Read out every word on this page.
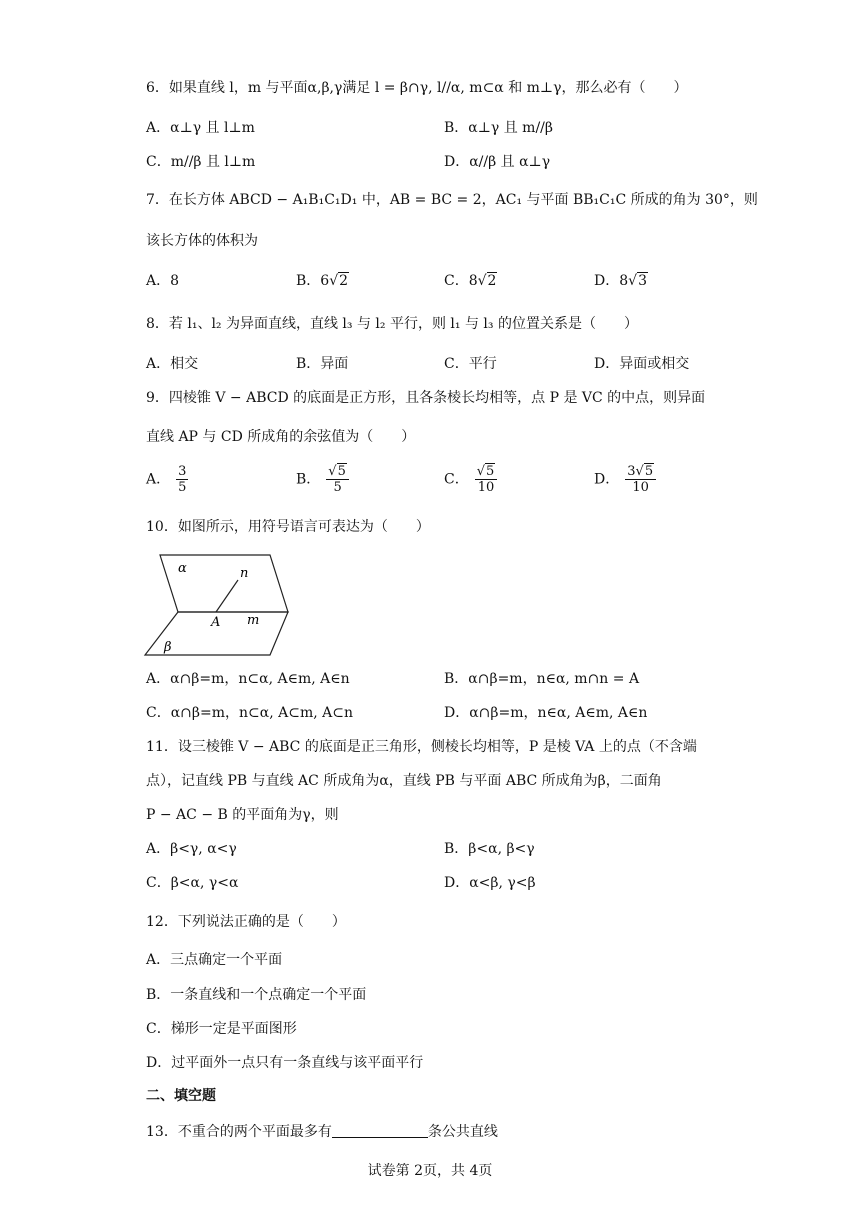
6．如果直线 l，m 与平面α,β,γ满足 l = β∩γ, l//α, m⊂α 和 m⊥γ，那么必有（　　）
A．α⊥γ 且 l⊥m	B．α⊥γ 且 m//β
C．m//β 且 l⊥m	D．α//β 且 α⊥γ
7．在长方体 ABCD − A₁B₁C₁D₁ 中，AB = BC = 2，AC₁ 与平面 BB₁C₁C 所成的角为 30°，则
该长方体的体积为
A．8	B．6√2	C．8√2	D．8√3
8．若 l₁、l₂ 为异面直线，直线 l₃ 与 l₂ 平行，则 l₁ 与 l₃ 的位置关系是（　　）
A．相交	B．异面	C．平行	D．异面或相交
9．四棱锥 V − ABCD 的底面是正方形，且各条棱长均相等，点 P 是 VC 的中点，则异面
直线 AP 与 CD 所成角的余弦值为（　　）
A． $\frac{3}{5}$	B． $\frac{√5}{5}$	C． $\frac{√5}{10}$	D． $\frac{3√5}{10}$
10．如图所示，用符号语言可表达为（　　）
α	n
A m
β
A．α∩β=m，n⊂α, A∈m, A∈n	B．α∩β=m，n∈α, m∩n = A
C．α∩β=m，n⊂α, A⊂m, A⊂n	D．α∩β=m，n∈α, A∈m, A∈n
11．设三棱锥 V − ABC 的底面是正三角形，侧棱长均相等，P 是棱 VA 上的点（不含端
点），记直线 PB 与直线 AC 所成角为α，直线 PB 与平面 ABC 所成角为β，二面角
P − AC − B 的平面角为γ，则
A．β<γ, α<γ	B．β<α, β<γ
C．β<α, γ<α	D．α<β, γ<β
12．下列说法正确的是（　　）
A．三点确定一个平面
B．一条直线和一个点确定一个平面
C．梯形一定是平面图形
D．过平面外一点只有一条直线与该平面平行
二、填空题
13．不重合的两个平面最多有	条公共直线
试卷第 2页，共 4页
